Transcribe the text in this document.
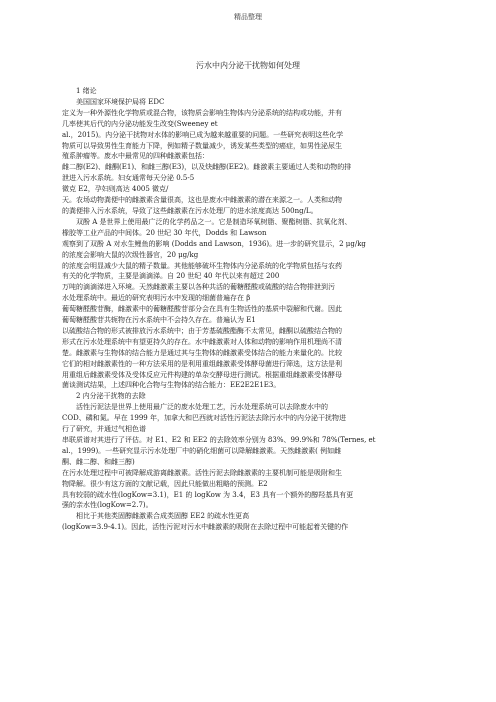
精品整理
污水中内分泌干扰物如何处理
1 绪论
美国国家环境保护局将 EDC
定义为一种外源性化学物质或混合物，该物质会影响生物体内分泌系统的结构或功能，并有
几率使其后代的内分泌功能发生改变(Sweeney et
al.，2015)。内分泌干扰物对水体的影响已成为越来越重要的问题。一些研究表明这些化学
物质可以导致男性生育能力下降，例如精子数量减少，诱发某些类型的癌症，如男性泌尿生
殖系肿瘤等。废水中最常见的四种雌激素包括：
雌二醇(E2)、雌酮(E1)、和雌三醇(E3)，以及炔雌醇(EE2)。雌激素主要通过人类和动物的排
泄进入污水系统。妇女通常每天分泌 0.5-5
微克 E2，孕妇则高达 4005 微克/
天。农场动物粪便中的雌激素含量很高，这也是废水中雌激素的潜在来源之一。人类和动物
的粪便排入污水系统，导致了这些雌激素在污水处理厂的进水浓度高达 500ng/L。
双酚 A 是世界上使用最广泛的化学药品之一。它是制造环氧树脂、聚酯树脂、抗氧化剂、
橡胶等工业产品的中间体。20 世纪 30 年代，Dodds 和 Lawson
观察到了双酚 A 对水生鲤鱼的影响 (Dodds and Lawson，1936)。进一步的研究显示，2 μg/kg
的浓度会影响大鼠的次级性器官，20 μg/kg
的浓度会明显减少大鼠的精子数量。其他能够破坏生物体内分泌系统的化学物质包括与农药
有关的化学物质，主要是滴滴涕。自 20 世纪 40 年代以来有超过 200
万吨的滴滴涕进入环境。天然雌激素主要以各种共活的葡糖醛酸或硫酸的结合物排泄到污
水处理系统中。最近的研究表明污水中发现的细菌普遍存在 β
葡萄糖醛酸苷酶，雌激素中的葡糖醛酸苷部分会在具有生物活性的基质中裂解和代谢。因此
葡萄糖醛酸苷共轭物在污水系统中不会持久存在。普遍认为 E1
以硫酸结合物的形式被排放污水系统中；由于芳基硫酸酯酶不太常见，雌酮以硫酸结合物的
形式在污水处理系统中有望更持久的存在。水中雌激素对人体和动物的影响作用机理尚不清
楚。雌激素与生物体的结合能力是通过其与生物体的雌激素受体结合的能力来量化的。比较
它们的相对雌激素性的一种方法采用的是利用重组雌激素受体酵母菌进行筛选，这方法是利
用重组后雌激素受体及受体反应元件构建的单杂交酵母进行测试。根据重组雌激素受体酵母
菌谈测试结果，上述四种化合物与生物体的结合能力：EE2E2E1E3。
2 内分泌干扰物的去除
活性污泥法是世界上使用最广泛的废水处理工艺，污水处理系统可以去除废水中的
COD、磷和氮。早在 1999 年，加拿大和巴西就对活性污泥法去除污水中的内分泌干扰物进
行了研究，并通过气相色谱
串联质谱对其进行了评估。对 E1、E2 和 EE2 的去除效率分别为 83%、99.9%和 78%(Ternes, et
al.，1999)。一些研究显示污水处理厂中的硝化细菌可以降解雌激素。天然雌激素( 例如雌
酮、雌二醇、和雌三醇)
在污水处理过程中可被降解成游离雌激素。活性污泥去除雌激素的主要机制可能是吸附和生
物降解。很少有这方面的文献记载，因此只能做出粗略的预测。E2
具有较弱的疏水性(logKow=3.1)，E1 的 logKow 为 3.4，E3 具有一个额外的醇羟基具有更
强的亲水性(logKow=2.7)。
相比于其他类固醇雌激素合成类固醇 EE2 的疏水性更高
(logKow=3.9-4.1)。因此，活性污泥对污水中雌激素的吸附在去除过程中可能起着关键的作
